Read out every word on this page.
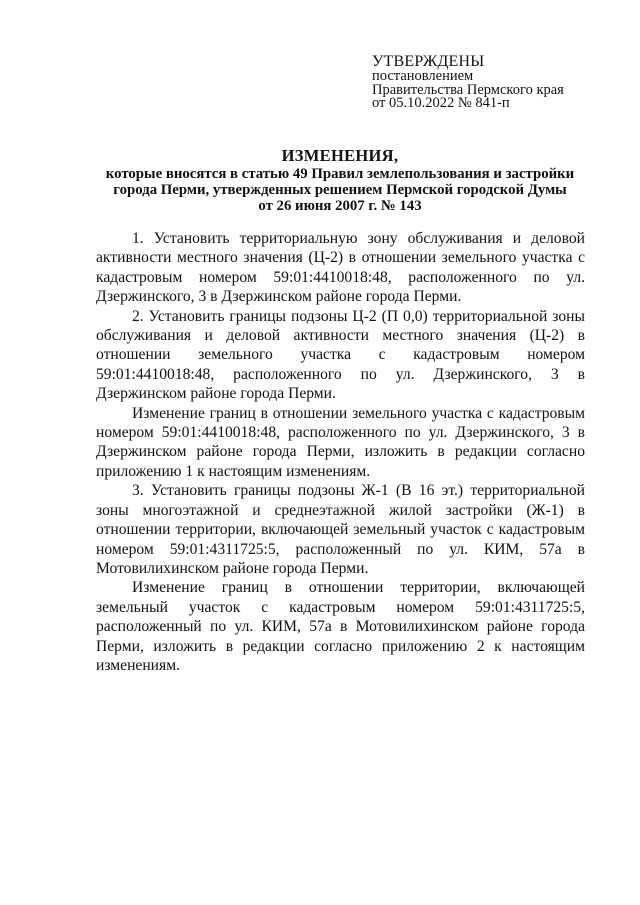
УТВЕРЖДЕНЫ
постановлением
Правительства Пермского края
от 05.10.2022 № 841-п
ИЗМЕНЕНИЯ,
которые вносятся в статью 49 Правил землепользования и застройки
города Перми, утвержденных решением Пермской городской Думы
от 26 июня 2007 г. № 143

1. Установить территориальную зону обслуживания и деловой активности местного значения (Ц-2) в отношении земельного участка с кадастровым номером 59:01:4410018:48, расположенного по ул. Дзержинского, 3 в Дзержинском районе города Перми.

2. Установить границы подзоны Ц-2 (П 0,0) территориальной зоны обслуживания и деловой активности местного значения (Ц-2) в отношении земельного участка с кадастровым номером 59:01:4410018:48, расположенного по ул. Дзержинского, 3 в Дзержинском районе города Перми.

Изменение границ в отношении земельного участка с кадастровым номером 59:01:4410018:48, расположенного по ул. Дзержинского, 3 в Дзержинском районе города Перми, изложить в редакции согласно приложению 1 к настоящим изменениям.

3. Установить границы подзоны Ж-1 (В 16 эт.) территориальной зоны многоэтажной и среднеэтажной жилой застройки (Ж-1) в отношении территории, включающей земельный участок с кадастровым номером 59:01:4311725:5, расположенный по ул. КИМ, 57а в Мотовилихинском районе города Перми.

Изменение границ в отношении территории, включающей земельный участок с кадастровым номером 59:01:4311725:5, расположенный по ул. КИМ, 57а в Мотовилихинском районе города Перми, изложить в редакции согласно приложению 2 к настоящим изменениям.
